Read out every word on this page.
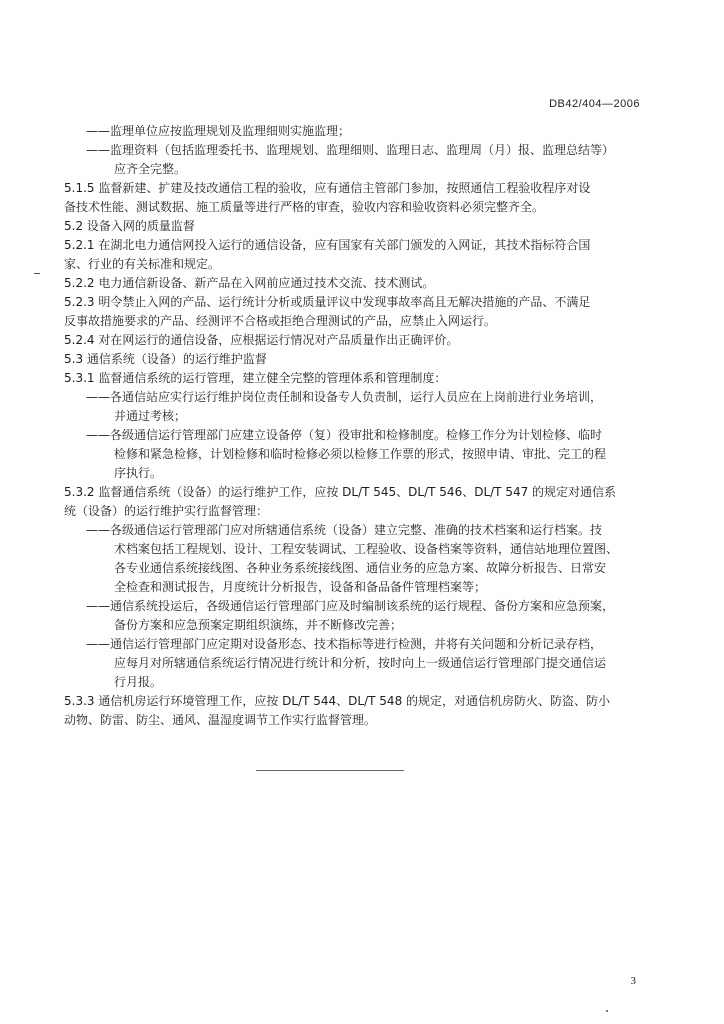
DB42/404—2006
——监理单位应按监理规划及监理细则实施监理；
——监理资料（包括监理委托书、监理规划、监理细则、监理日志、监理周（月）报、监理总结等）
应齐全完整。
5.1.5 监督新建、扩建及技改通信工程的验收，应有通信主管部门参加，按照通信工程验收程序对设
备技术性能、测试数据、施工质量等进行严格的审查，验收内容和验收资料必须完整齐全。
5.2 设备入网的质量监督
5.2.1 在湖北电力通信网投入运行的通信设备，应有国家有关部门颁发的入网证，其技术指标符合国
家、行业的有关标准和规定。
5.2.2 电力通信新设备、新产品在入网前应通过技术交流、技术测试。
5.2.3 明令禁止入网的产品、运行统计分析或质量评议中发现事故率高且无解决措施的产品、不满足
反事故措施要求的产品、经测评不合格或拒绝合理测试的产品，应禁止入网运行。
5.2.4 对在网运行的通信设备，应根据运行情况对产品质量作出正确评价。
5.3 通信系统（设备）的运行维护监督
5.3.1 监督通信系统的运行管理，建立健全完整的管理体系和管理制度：
——各通信站应实行运行维护岗位责任制和设备专人负责制，运行人员应在上岗前进行业务培训，
并通过考核；
——各级通信运行管理部门应建立设备停（复）役审批和检修制度。检修工作分为计划检修、临时
检修和紧急检修，计划检修和临时检修必须以检修工作票的形式，按照申请、审批、完工的程
序执行。
5.3.2 监督通信系统（设备）的运行维护工作，应按 DL/T 545、DL/T 546、DL/T 547 的规定对通信系
统（设备）的运行维护实行监督管理：
——各级通信运行管理部门应对所辖通信系统（设备）建立完整、准确的技术档案和运行档案。技
术档案包括工程规划、设计、工程安装调试、工程验收、设备档案等资料，通信站地理位置图、
各专业通信系统接线图、各种业务系统接线图、通信业务的应急方案、故障分析报告、日常安
全检查和测试报告，月度统计分析报告，设备和备品备件管理档案等；
——通信系统投运后，各级通信运行管理部门应及时编制该系统的运行规程、备份方案和应急预案，
备份方案和应急预案定期组织演练，并不断修改完善；
——通信运行管理部门应定期对设备形态、技术指标等进行检测，并将有关问题和分析记录存档，
应每月对所辖通信系统运行情况进行统计和分析，按时向上一级通信运行管理部门提交通信运
行月报。
5.3.3 通信机房运行环境管理工作，应按 DL/T 544、DL/T 548 的规定，对通信机房防火、防盗、防小
动物、防雷、防尘、通风、温湿度调节工作实行监督管理。
3
